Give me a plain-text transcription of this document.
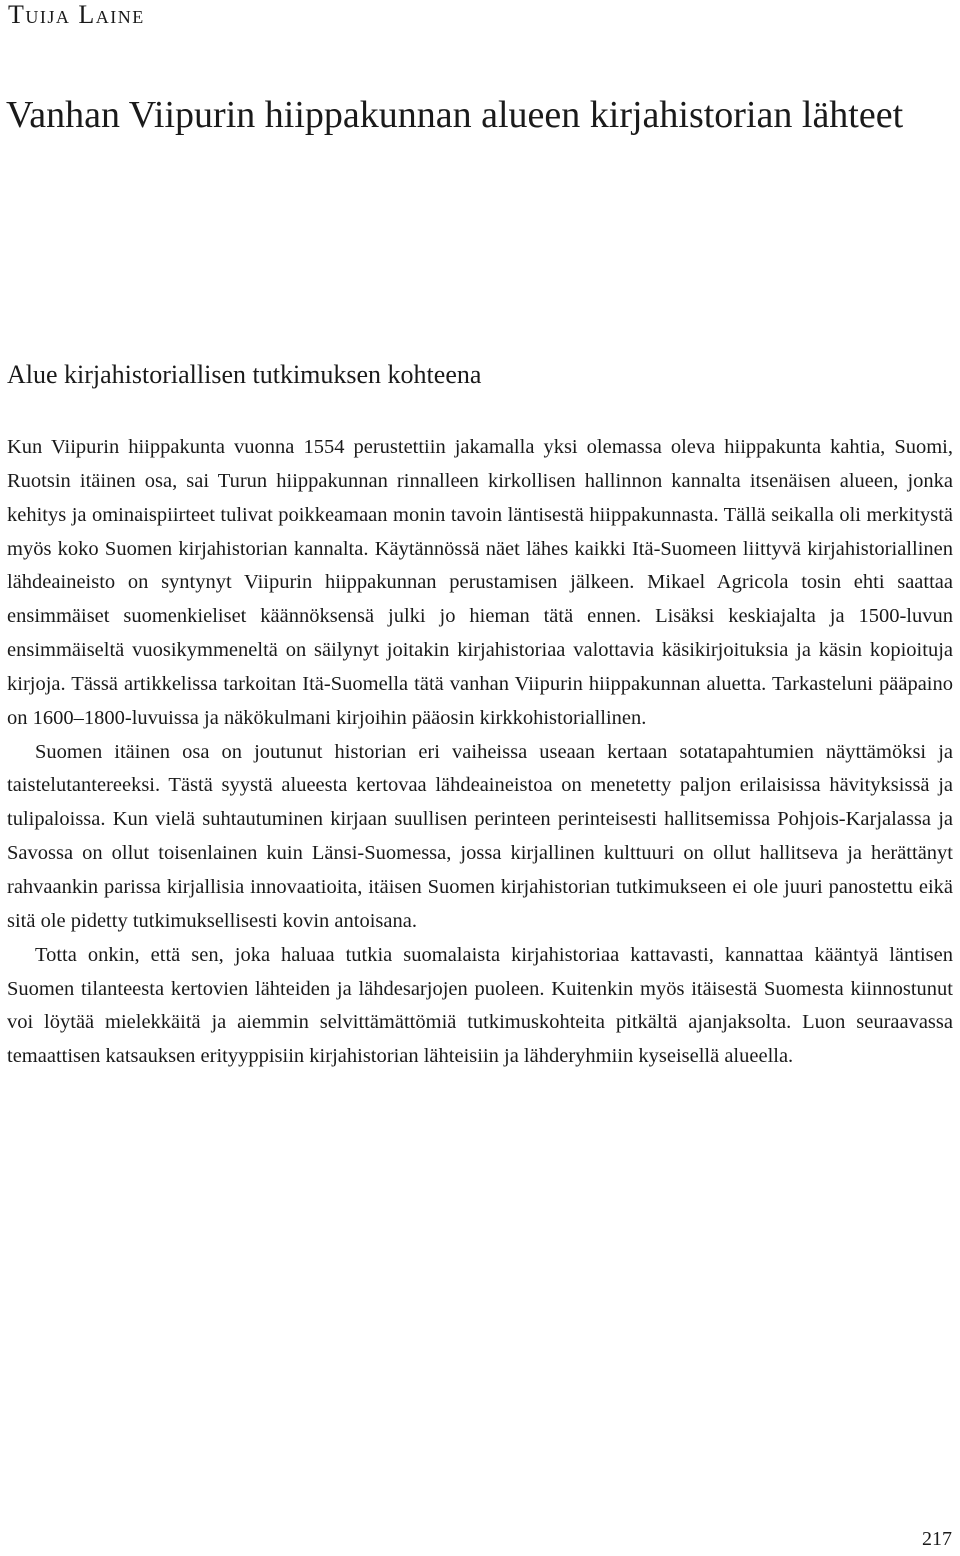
Tuija Laine
Vanhan Viipurin hiippakunnan alueen kirjahistorian lähteet
Alue kirjahistoriallisen tutkimuksen kohteena

Kun Viipurin hiippakunta vuonna 1554 perustettiin jakamalla yksi olemassa oleva hiippakunta kahtia, Suomi, Ruotsin itäinen osa, sai Turun hiippakunnan rinnalleen kirkollisen hallinnon kannalta itsenäisen alueen, jonka kehitys ja ominaispiirteet tulivat poikkeamaan monin tavoin läntisestä hiippakunnasta. Tällä seikalla oli merkitystä myös koko Suomen kirjahistorian kannalta. Käytännössä näet lähes kaikki Itä-Suomeen liittyvä kirjahistoriallinen lähdeaineisto on syntynyt Viipurin hiippakunnan perustamisen jälkeen. Mikael Agricola tosin ehti saattaa ensimmäiset suomenkieliset käännöksensä julki jo hieman tätä ennen. Lisäksi keskiajalta ja 1500-luvun ensimmäiseltä vuosikymmeneltä on säilynyt joitakin kirjahistoriaa valottavia käsikirjoituksia ja käsin kopioituja kirjoja. Tässä artikkelissa tarkoitan Itä-Suomella tätä vanhan Viipurin hiippakunnan aluetta. Tarkasteluni pääpaino on 1600–1800-luvuissa ja näkökulmani kirjoihin pääosin kirkkohistoriallinen.

Suomen itäinen osa on joutunut historian eri vaiheissa useaan kertaan sotatapahtumien näyttämöksi ja taistelutantereeksi. Tästä syystä alueesta kertovaa lähdeaineistoa on menetetty paljon erilaisissa hävityksissä ja tulipaloissa. Kun vielä suhtautuminen kirjaan suullisen perinteen perinteisesti hallitsemissa Pohjois-Karjalassa ja Savossa on ollut toisenlainen kuin Länsi-Suomessa, jossa kirjallinen kulttuuri on ollut hallitseva ja herättänyt rahvaankin parissa kirjallisia innovaatioita, itäisen Suomen kirjahistorian tutkimukseen ei ole juuri panostettu eikä sitä ole pidetty tutkimuksellisesti kovin antoisana.

Totta onkin, että sen, joka haluaa tutkia suomalaista kirjahistoriaa kattavasti, kannattaa kääntyä läntisen Suomen tilanteesta kertovien lähteiden ja lähdesarjojen puoleen. Kuitenkin myös itäisestä Suomesta kiinnostunut voi löytää mielekkäitä ja aiemmin selvittämättömiä tutkimuskohteita pitkältä ajanjaksolta. Luon seuraavassa temaattisen katsauksen erityyppisiin kirjahistorian lähteisiin ja lähderyhmiin kyseisellä alueella.

217
